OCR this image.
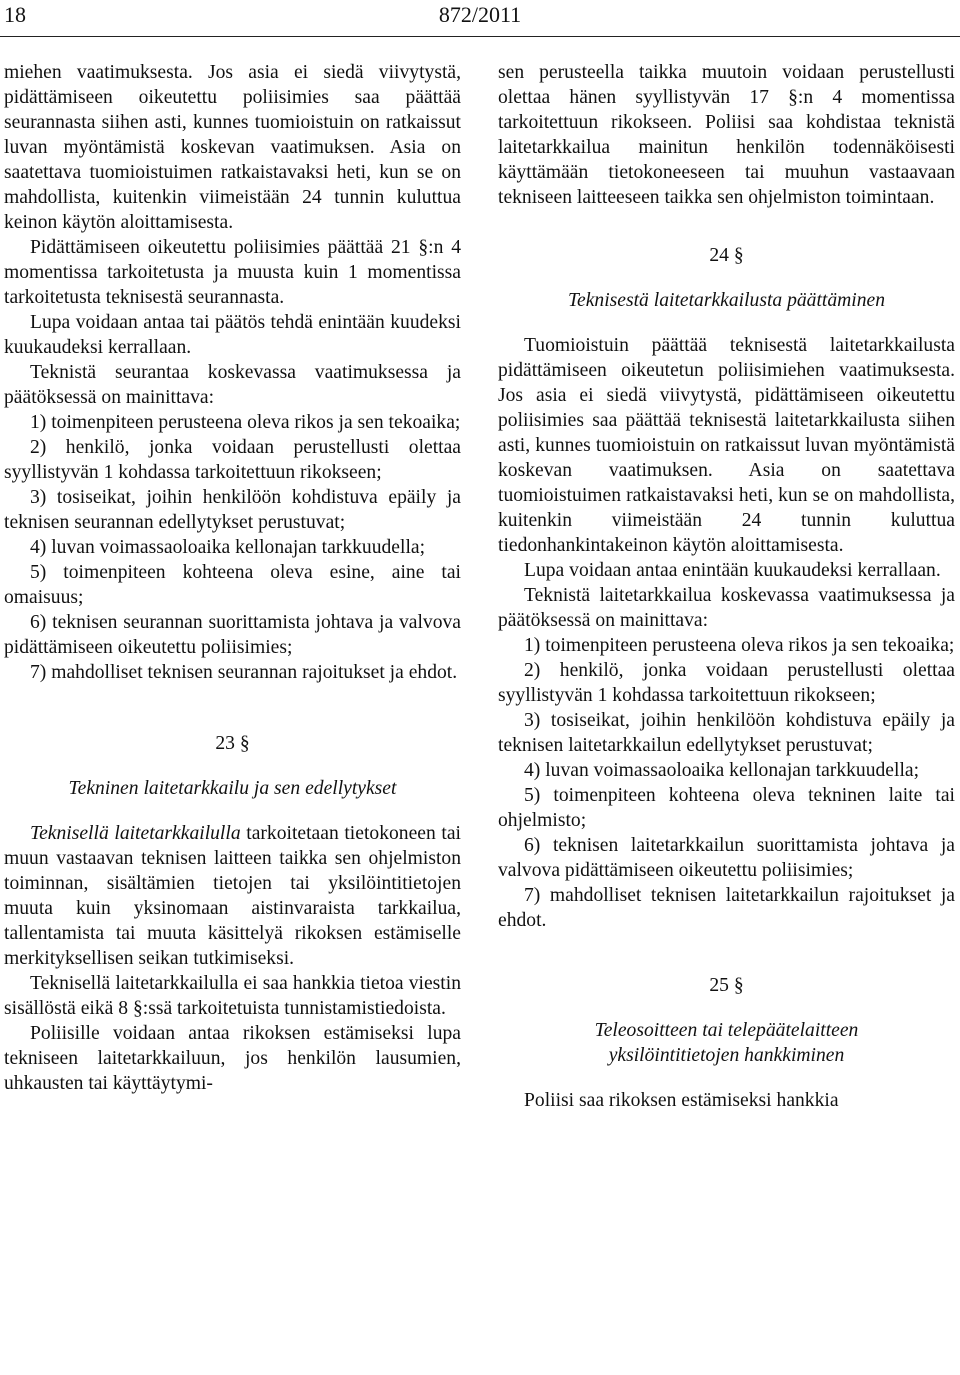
18	872/2011

miehen vaatimuksesta. Jos asia ei siedä viivytystä, pidättämiseen oikeutettu poliisimies saa päättää seurannasta siihen asti, kunnes tuomioistuin on ratkaissut luvan myöntämistä koskevan vaatimuksen. Asia on saatettava tuomioistuimen ratkaistavaksi heti, kun se on mahdollista, kuitenkin viimeistään 24 tunnin kuluttua keinon käytön aloittamisesta.

Pidättämiseen oikeutettu poliisimies päättää 21 §:n 4 momentissa tarkoitetusta ja muusta kuin 1 momentissa tarkoitetusta teknisestä seurannasta.

Lupa voidaan antaa tai päätös tehdä enintään kuudeksi kuukaudeksi kerrallaan.

Teknistä seurantaa koskevassa vaatimuksessa ja päätöksessä on mainittava:

1) toimenpiteen perusteena oleva rikos ja sen tekoaika;

2) henkilö, jonka voidaan perustellusti olettaa syyllistyvän 1 kohdassa tarkoitettuun rikokseen;

3) tosiseikat, joihin henkilöön kohdistuva epäily ja teknisen seurannan edellytykset perustuvat;

4) luvan voimassaoloaika kellonajan tarkkuudella;

5) toimenpiteen kohteena oleva esine, aine tai omaisuus;

6) teknisen seurannan suorittamista johtava ja valvova pidättämiseen oikeutettu poliisimies;

7) mahdolliset teknisen seurannan rajoitukset ja ehdot.

23 §
Tekninen laitetarkkailu ja sen edellytykset

Teknisellä laitetarkkailulla tarkoitetaan tietokoneen tai muun vastaavan teknisen laitteen taikka sen ohjelmiston toiminnan, sisältämien tietojen tai yksilöintitietojen muuta kuin yksinomaan aistinvaraista tarkkailua, tallentamista tai muuta käsittelyä rikoksen estämiselle merkityksellisen seikan tutkimiseksi.

Teknisellä laitetarkkailulla ei saa hankkia tietoa viestin sisällöstä eikä 8 §:ssä tarkoitetuista tunnistamistiedoista.

Poliisille voidaan antaa rikoksen estämiseksi lupa tekniseen laitetarkkailuun, jos henkilön lausumien, uhkausten tai käyttäytymi-

sen perusteella taikka muutoin voidaan perustellusti olettaa hänen syyllistyvän 17 §:n 4 momentissa tarkoitettuun rikokseen. Poliisi saa kohdistaa teknistä laitetarkkailua mainitun henkilön todennäköisesti käyttämään tietokoneeseen tai muuhun vastaavaan tekniseen laitteeseen taikka sen ohjelmiston toimintaan.

24 §
Teknisestä laitetarkkailusta päättäminen

Tuomioistuin päättää teknisestä laitetarkkailusta pidättämiseen oikeutetun poliisimiehen vaatimuksesta. Jos asia ei siedä viivytystä, pidättämiseen oikeutettu poliisimies saa päättää teknisestä laitetarkkailusta siihen asti, kunnes tuomioistuin on ratkaissut luvan myöntämistä koskevan vaatimuksen. Asia on saatettava tuomioistuimen ratkaistavaksi heti, kun se on mahdollista, kuitenkin viimeistään 24 tunnin kuluttua tiedonhankintakeinon käytön aloittamisesta.

Lupa voidaan antaa enintään kuukaudeksi kerrallaan.

Teknistä laitetarkkailua koskevassa vaatimuksessa ja päätöksessä on mainittava:

1) toimenpiteen perusteena oleva rikos ja sen tekoaika;

2) henkilö, jonka voidaan perustellusti olettaa syyllistyvän 1 kohdassa tarkoitettuun rikokseen;

3) tosiseikat, joihin henkilöön kohdistuva epäily ja teknisen laitetarkkailun edellytykset perustuvat;

4) luvan voimassaoloaika kellonajan tarkkuudella;

5) toimenpiteen kohteena oleva tekninen laite tai ohjelmisto;

6) teknisen laitetarkkailun suorittamista johtava ja valvova pidättämiseen oikeutettu poliisimies;

7) mahdolliset teknisen laitetarkkailun rajoitukset ja ehdot.

25 §
Teleosoitteen tai telepäätelaitteen yksilöintitietojen hankkiminen

Poliisi saa rikoksen estämiseksi hankkia
